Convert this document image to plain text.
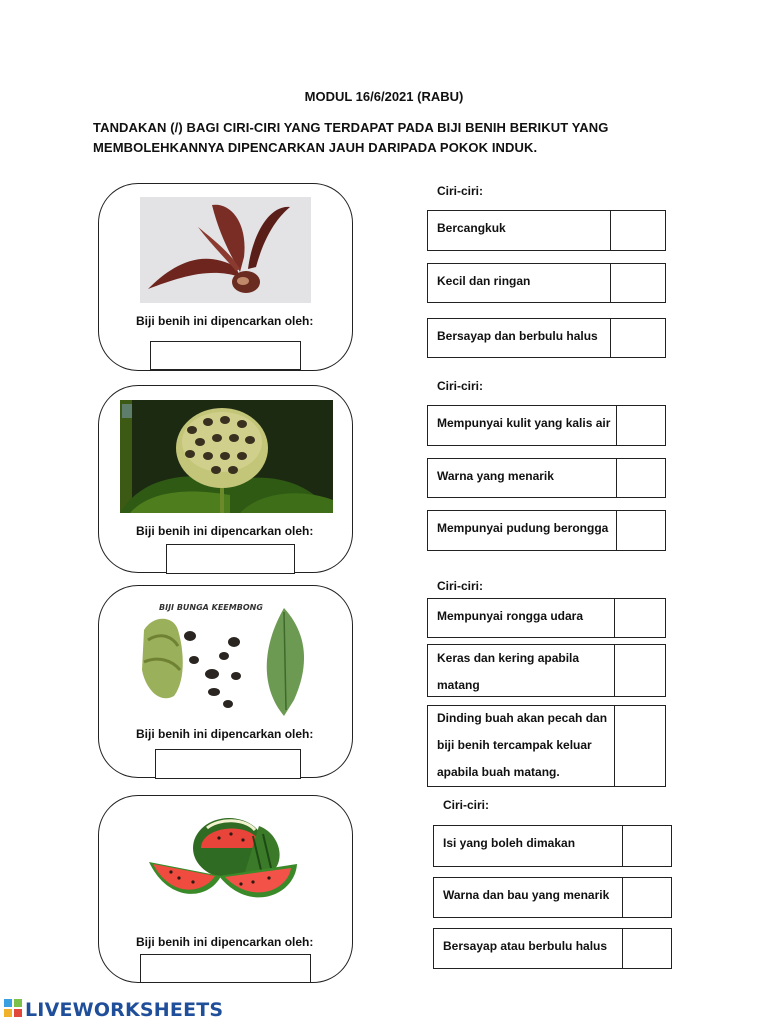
MODUL 16/6/2021 (RABU)
TANDAKAN (/) BAGI CIRI-CIRI YANG TERDAPAT PADA BIJI BENIH BERIKUT YANG
MEMBOLEHKANNYA DIPENCARKAN JAUH DARIPADA POKOK INDUK.
Biji benih ini dipencarkan oleh:
Ciri-ciri:
Bercangkuk
Kecil dan ringan
Bersayap dan berbulu halus
Biji benih ini dipencarkan oleh:
Ciri-ciri:
Mempunyai kulit yang kalis air
Warna yang menarik
Mempunyai pudung berongga
BIJI BUNGA KEEMBONG
Biji benih ini dipencarkan oleh:
Ciri-ciri:
Mempunyai rongga udara
Keras dan kering apabila
matang
Dinding buah akan pecah dan
biji benih tercampak keluar
apabila buah matang.
Biji benih ini dipencarkan oleh:
Ciri-ciri:
Isi yang boleh dimakan
Warna dan bau yang menarik
Bersayap atau berbulu halus
LIVEWORKSHEETS
